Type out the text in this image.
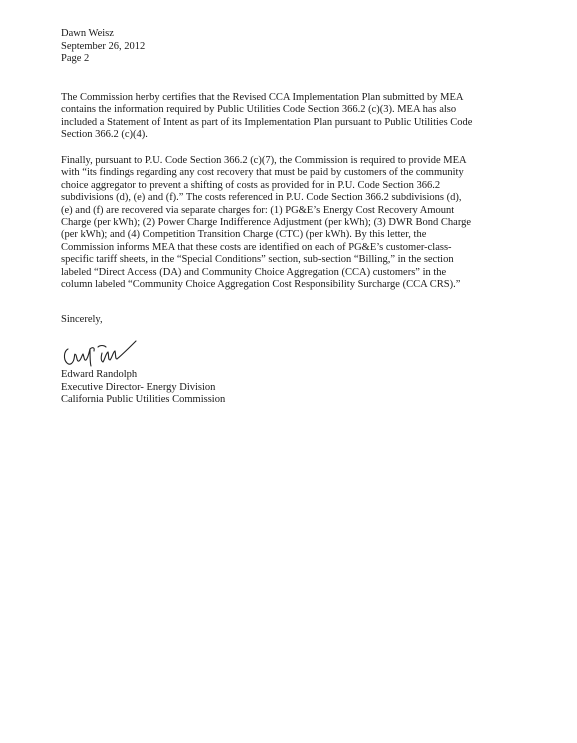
Dawn Weisz
September 26, 2012
Page 2

The Commission herby certifies that the Revised CCA Implementation Plan submitted by MEA
contains the information required by Public Utilities Code Section 366.2 (c)(3). MEA has also
included a Statement of Intent as part of its Implementation Plan pursuant to Public Utilities Code
Section 366.2 (c)(4).

Finally, pursuant to P.U. Code Section 366.2 (c)(7), the Commission is required to provide MEA
with “its findings regarding any cost recovery that must be paid by customers of the community
choice aggregator to prevent a shifting of costs as provided for in P.U. Code Section 366.2
subdivisions (d), (e) and (f).” The costs referenced in P.U. Code Section 366.2 subdivisions (d),
(e) and (f) are recovered via separate charges for: (1) PG&E’s Energy Cost Recovery Amount
Charge (per kWh); (2) Power Charge Indifference Adjustment (per kWh); (3) DWR Bond Charge
(per kWh); and (4) Competition Transition Charge (CTC) (per kWh). By this letter, the
Commission informs MEA that these costs are identified on each of PG&E’s customer-class-
specific tariff sheets, in the “Special Conditions” section, sub-section “Billing,” in the section
labeled “Direct Access (DA) and Community Choice Aggregation (CCA) customers” in the
column labeled “Community Choice Aggregation Cost Responsibility Surcharge (CCA CRS).”

Sincerely,
Edward Randolph
Executive Director- Energy Division
California Public Utilities Commission
